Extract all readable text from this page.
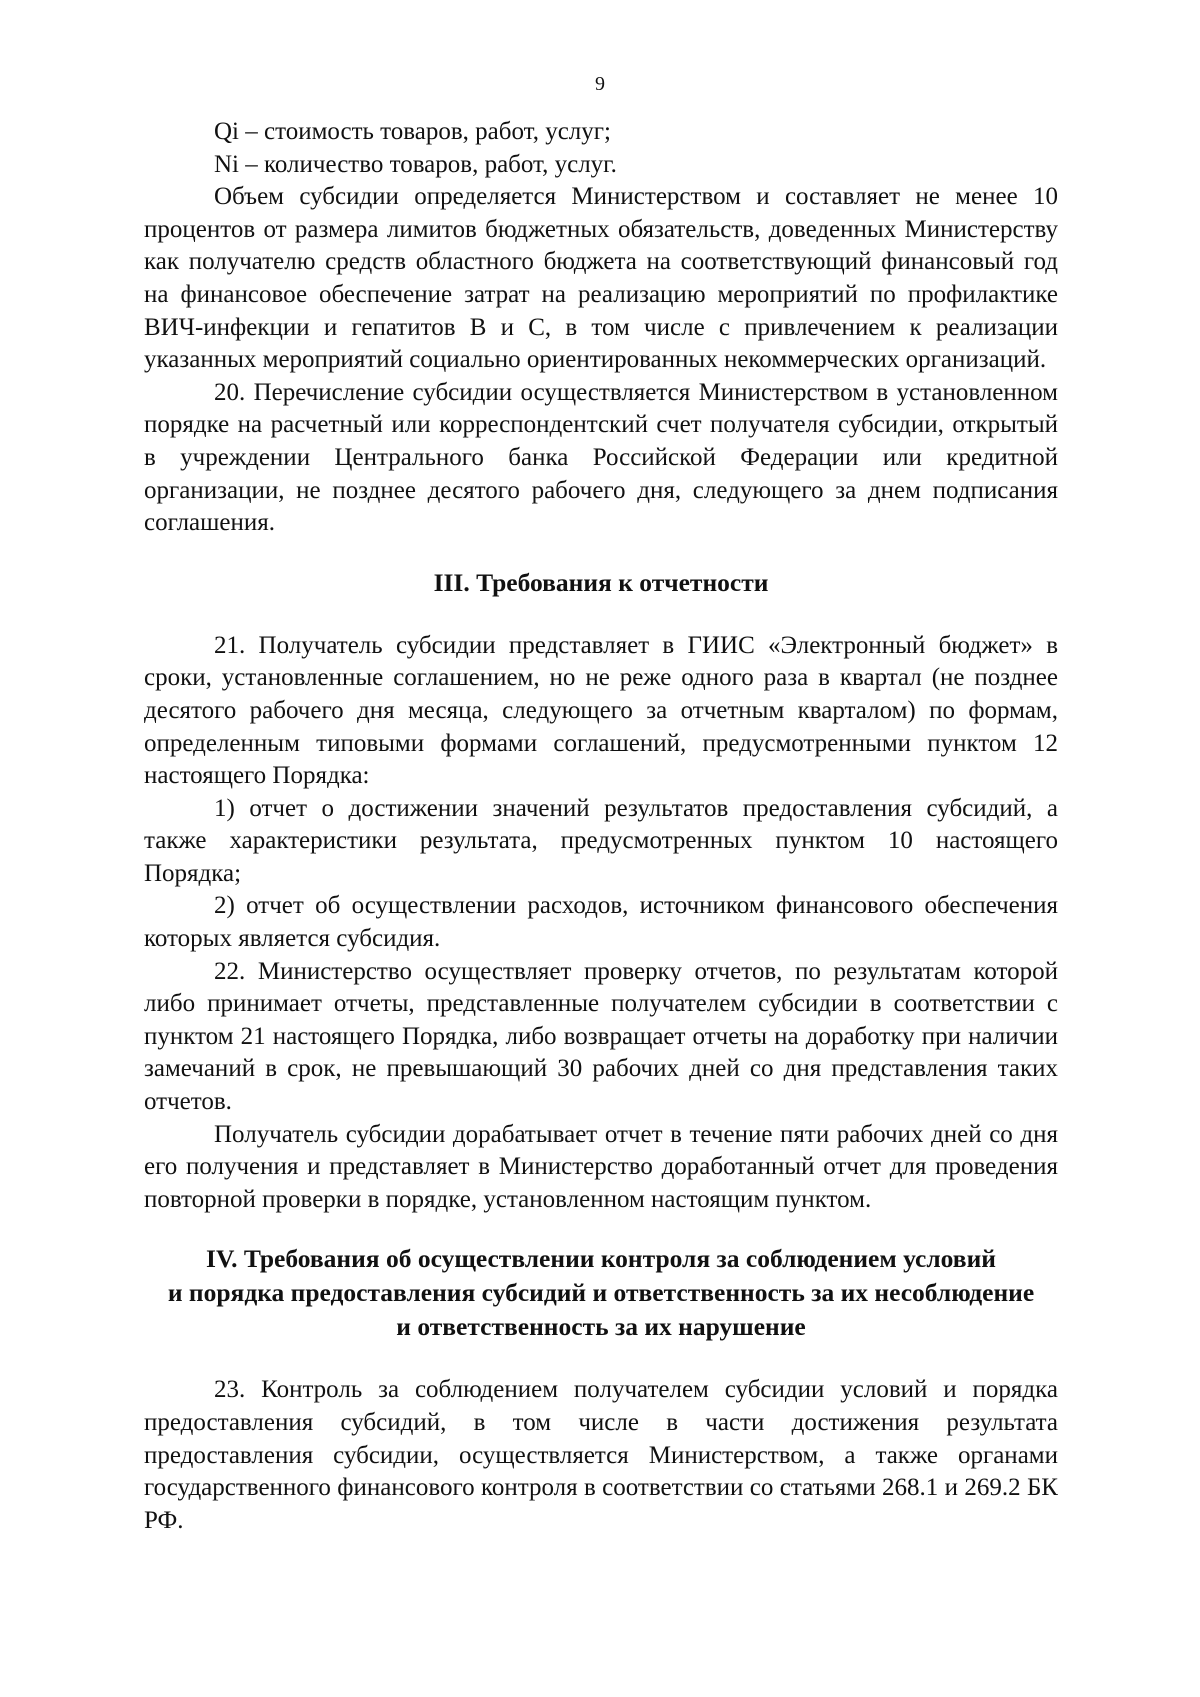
9

Qi – стоимость товаров, работ, услуг;

Ni – количество товаров, работ, услуг.

Объем субсидии определяется Министерством и составляет не менее 10 процентов от размера лимитов бюджетных обязательств, доведенных Министерству как получателю средств областного бюджета на соответствующий финансовый год на финансовое обеспечение затрат на реализацию мероприятий по профилактике ВИЧ-инфекции и гепатитов В и С, в том числе с привлечением к реализации указанных мероприятий социально ориентированных некоммерческих организаций.

20. Перечисление субсидии осуществляется Министерством в установленном порядке на расчетный или корреспондентский счет получателя субсидии, открытый в учреждении Центрального банка Российской Федерации или кредитной организации, не позднее десятого рабочего дня, следующего за днем подписания соглашения.

III. Требования к отчетности

21. Получатель субсидии представляет в ГИИС «Электронный бюджет» в сроки, установленные соглашением, но не реже одного раза в квартал (не позднее десятого рабочего дня месяца, следующего за отчетным кварталом) по формам, определенным типовыми формами соглашений, предусмотренными пунктом 12 настоящего Порядка:

1) отчет о достижении значений результатов предоставления субсидий, а также характеристики результата, предусмотренных пунктом 10 настоящего Порядка;

2) отчет об осуществлении расходов, источником финансового обеспечения которых является субсидия.

22. Министерство осуществляет проверку отчетов, по результатам которой либо принимает отчеты, представленные получателем субсидии в соответствии с пунктом 21 настоящего Порядка, либо возвращает отчеты на доработку при наличии замечаний в срок, не превышающий 30 рабочих дней со дня представления таких отчетов.

Получатель субсидии дорабатывает отчет в течение пяти рабочих дней со дня его получения и представляет в Министерство доработанный отчет для проведения повторной проверки в порядке, установленном настоящим пунктом.

IV. Требования об осуществлении контроля за соблюдением условий
и порядка предоставления субсидий и ответственность за их несоблюдение
и ответственность за их нарушение

23. Контроль за соблюдением получателем субсидии условий и порядка предоставления субсидий, в том числе в части достижения результата предоставления субсидии, осуществляется Министерством, а также органами государственного финансового контроля в соответствии со статьями 268.1 и 269.2 БК РФ.
